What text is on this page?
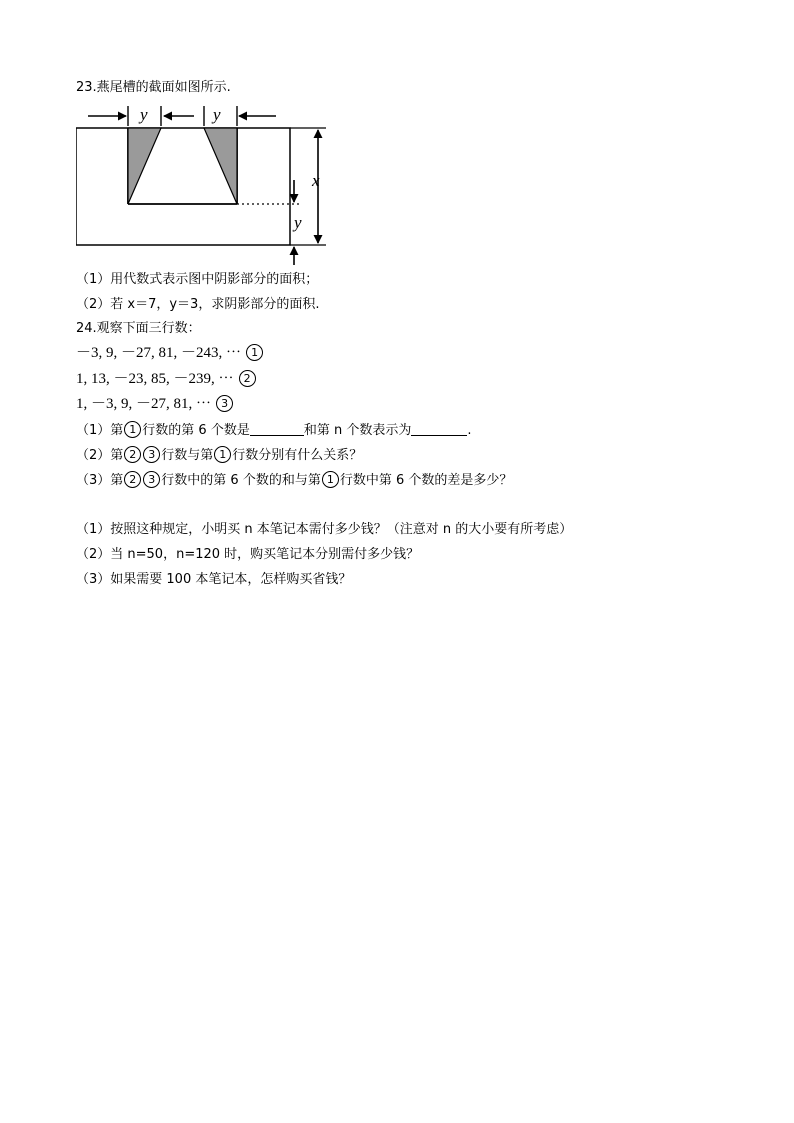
23.燕尾槽的截面如图所示.
y	y
x
y
（1）用代数式表示图中阴影部分的面积；
（2）若 x＝7，y＝3，求阴影部分的面积.
24.观察下面三行数：
－3, 9, －27, 81, －243, ⋯ 1
1, 13, －23, 85, －239, ⋯ 2
1, －3, 9, －27, 81, ⋯ 3
（1）第 1 行数的第 6 个数是	和第 n 个数表示为	.
（2）第 2 3 行数与第 1 行数分别有什么关系？
（3）第 2 3 行数中的第 6 个数的和与第 1 行数中第 6 个数的差是多少？
（1）按照这种规定，小明买 n 本笔记本需付多少钱？（注意对 n 的大小要有所考虑）
（2）当 n=50，n=120 时，购买笔记本分别需付多少钱？
（3）如果需要 100 本笔记本，怎样购买省钱？
